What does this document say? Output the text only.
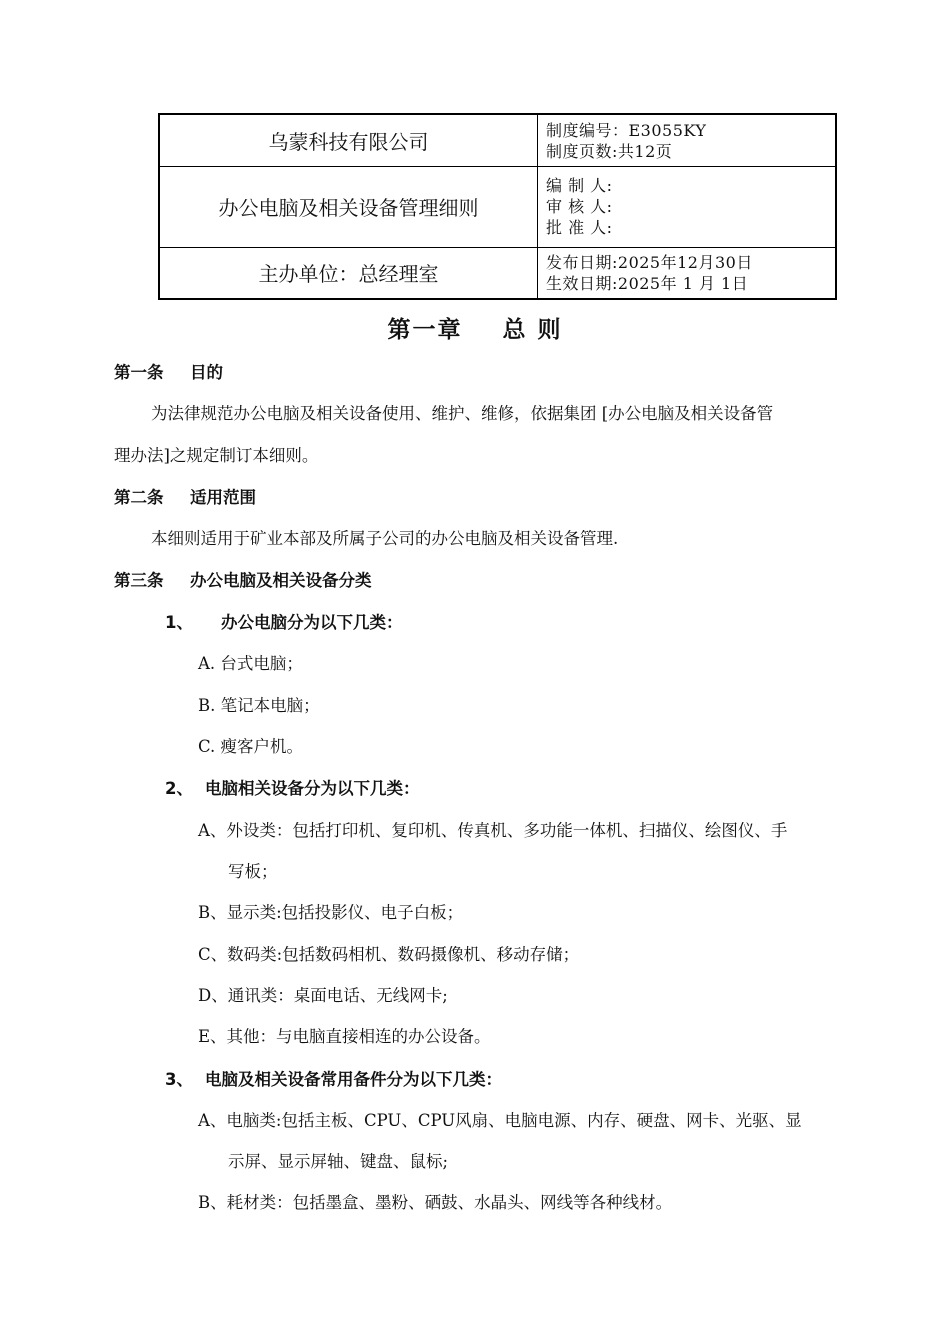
乌蒙科技有限公司	制度编号：E3055KY
制度页数:共12页

办公电脑及相关设备管理细则	编 制 人:
审 核 人:
批 准 人:

主办单位：总经理室	发布日期:2025年12月30日
生效日期:2025年 1 月 1日
第一章    总 则
第一条 目的
为法律规范办公电脑及相关设备使用、维护、维修，依据集团 [办公电脑及相关设备管
理办法]之规定制订本细则。
第二条 适用范围
本细则适用于矿业本部及所属子公司的办公电脑及相关设备管理.
第三条 办公电脑及相关设备分类
1、 办公电脑分为以下几类：
A. 台式电脑；
B. 笔记本电脑；
C. 瘦客户机。
2、 电脑相关设备分为以下几类：
A、外设类：包括打印机、复印机、传真机、多功能一体机、扫描仪、绘图仪、手
写板；
B、显示类:包括投影仪、电子白板；
C、数码类:包括数码相机、数码摄像机、移动存储；
D、通讯类：桌面电话、无线网卡;
E、其他：与电脑直接相连的办公设备。
3、 电脑及相关设备常用备件分为以下几类：
A、电脑类:包括主板、CPU、CPU风扇、电脑电源、内存、硬盘、网卡、光驱、显
示屏、显示屏轴、键盘、鼠标;
B、耗材类：包括墨盒、墨粉、硒鼓、水晶头、网线等各种线材。
